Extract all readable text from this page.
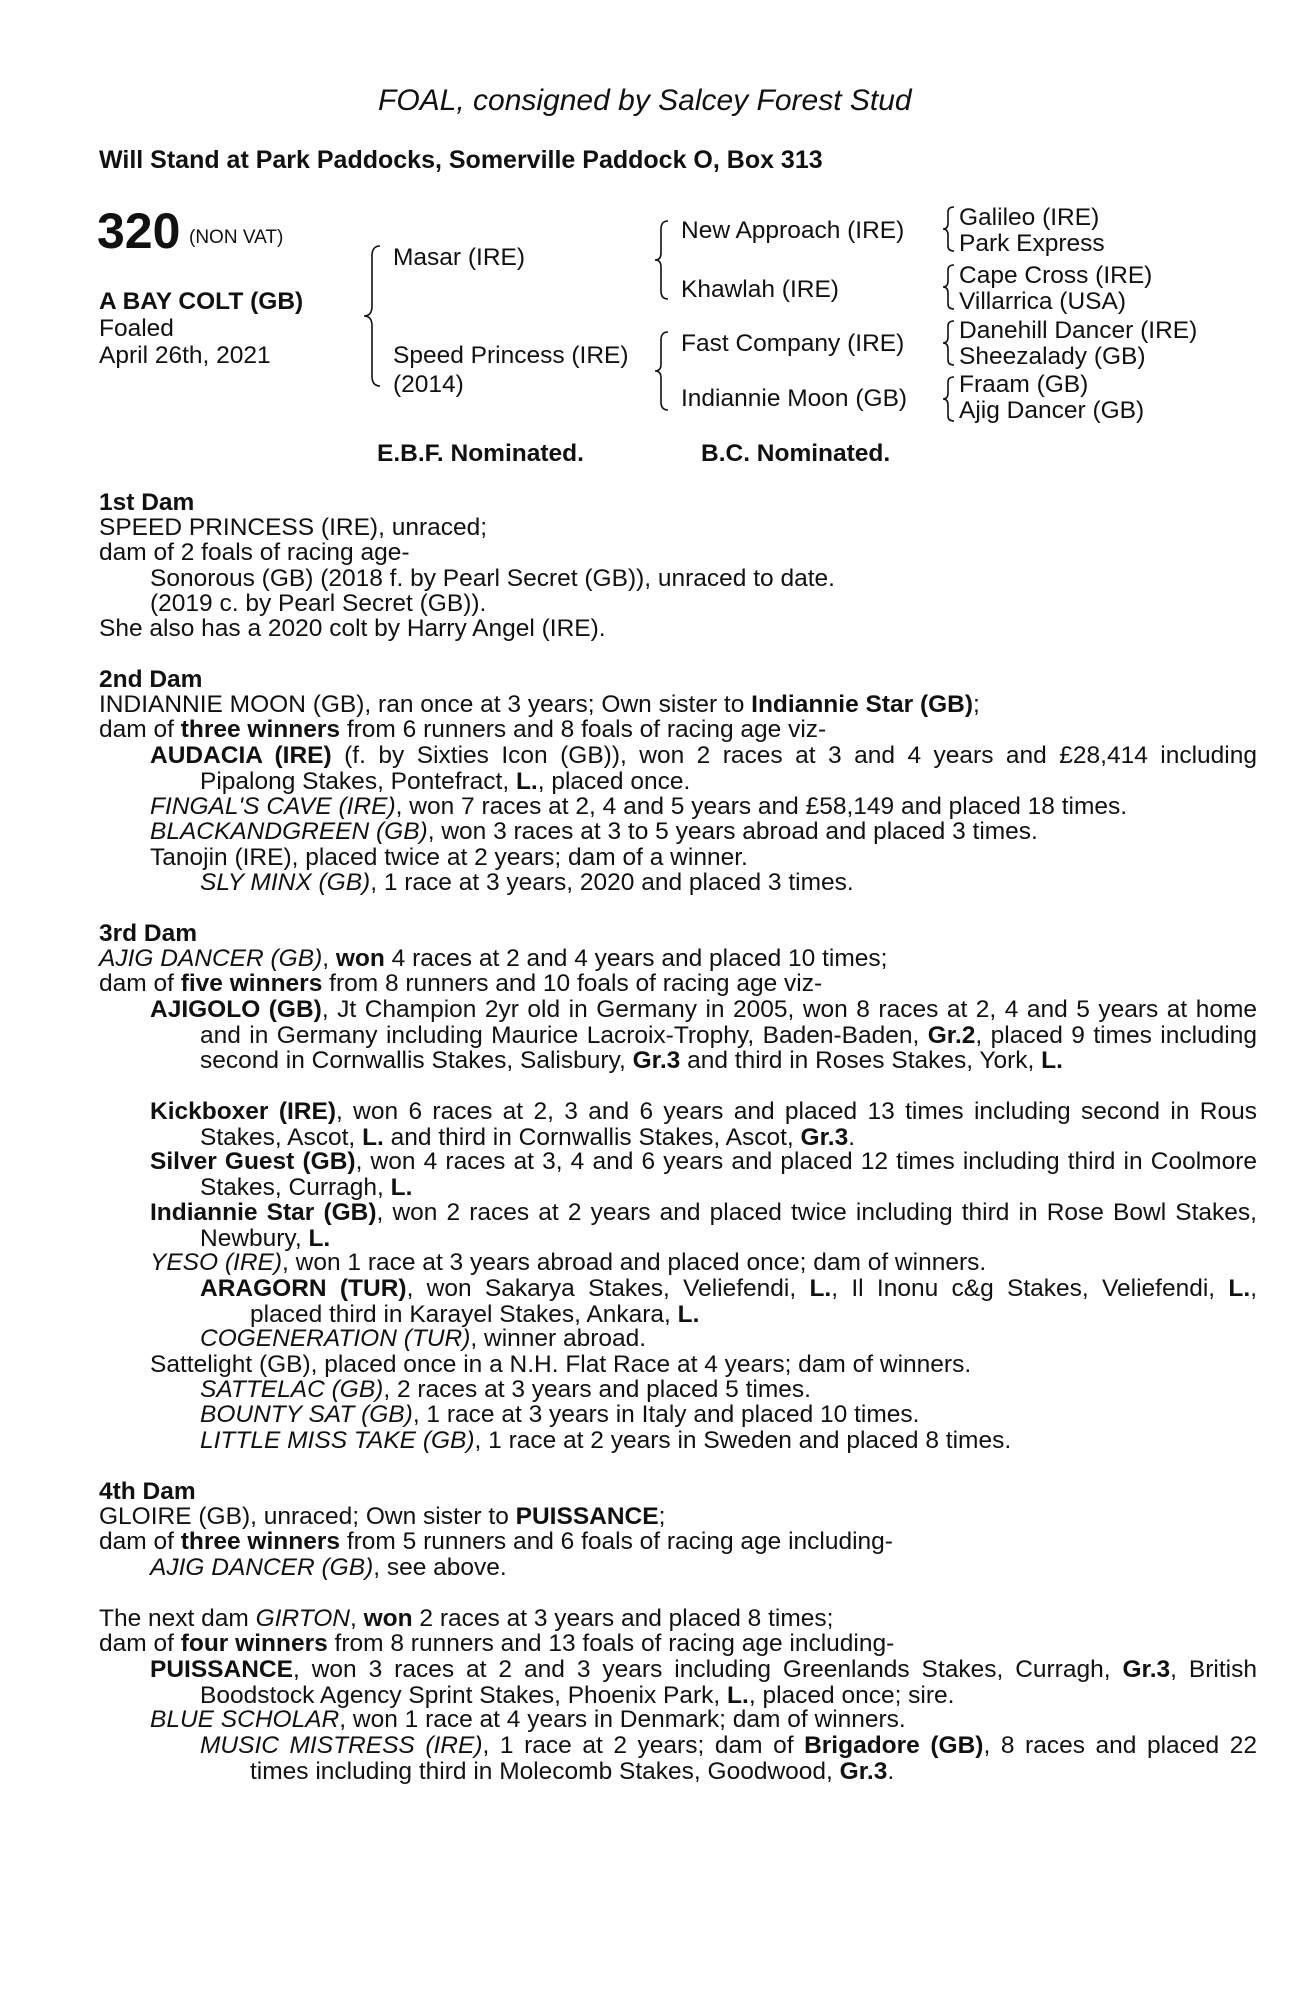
FOAL, consigned by Salcey Forest Stud
Will Stand at Park Paddocks, Somerville Paddock O, Box 313
320 (NON VAT)
A BAY COLT (GB)
Foaled
April 26th, 2021
Masar (IRE)
Speed Princess (IRE)
(2014)
New Approach (IRE)
Khawlah (IRE)
Fast Company (IRE)
Indiannie Moon (GB)
Galileo (IRE)
Park Express
Cape Cross (IRE)
Villarrica (USA)
Danehill Dancer (IRE)
Sheezalady (GB)
Fraam (GB)
Ajig Dancer (GB)
E.B.F. Nominated.	B.C. Nominated.
1st Dam
SPEED PRINCESS (IRE), unraced;
dam of 2 foals of racing age-
Sonorous (GB) (2018 f. by Pearl Secret (GB)), unraced to date.
(2019 c. by Pearl Secret (GB)).
She also has a 2020 colt by Harry Angel (IRE).
2nd Dam
INDIANNIE MOON (GB), ran once at 3 years; Own sister to Indiannie Star (GB);
dam of three winners from 6 runners and 8 foals of racing age viz-
AUDACIA (IRE) (f. by Sixties Icon (GB)), won 2 races at 3 and 4 years and £28,414 including Pipalong Stakes, Pontefract, L., placed once.
FINGAL'S CAVE (IRE), won 7 races at 2, 4 and 5 years and £58,149 and placed 18 times.
BLACKANDGREEN (GB), won 3 races at 3 to 5 years abroad and placed 3 times.
Tanojin (IRE), placed twice at 2 years; dam of a winner.
SLY MINX (GB), 1 race at 3 years, 2020 and placed 3 times.
3rd Dam
AJIG DANCER (GB), won 4 races at 2 and 4 years and placed 10 times;
dam of five winners from 8 runners and 10 foals of racing age viz-
AJIGOLO (GB), Jt Champion 2yr old in Germany in 2005, won 8 races at 2, 4 and 5 years at home and in Germany including Maurice Lacroix-Trophy, Baden-Baden, Gr.2, placed 9 times including second in Cornwallis Stakes, Salisbury, Gr.3 and third in Roses Stakes, York, L.
Kickboxer (IRE), won 6 races at 2, 3 and 6 years and placed 13 times including second in Rous Stakes, Ascot, L. and third in Cornwallis Stakes, Ascot, Gr.3.
Silver Guest (GB), won 4 races at 3, 4 and 6 years and placed 12 times including third in Coolmore Stakes, Curragh, L.
Indiannie Star (GB), won 2 races at 2 years and placed twice including third in Rose Bowl Stakes, Newbury, L.
YESO (IRE), won 1 race at 3 years abroad and placed once; dam of winners.
ARAGORN (TUR), won Sakarya Stakes, Veliefendi, L., Il Inonu c&g Stakes, Veliefendi, L., placed third in Karayel Stakes, Ankara, L.
COGENERATION (TUR), winner abroad.
Sattelight (GB), placed once in a N.H. Flat Race at 4 years; dam of winners.
SATTELAC (GB), 2 races at 3 years and placed 5 times.
BOUNTY SAT (GB), 1 race at 3 years in Italy and placed 10 times.
LITTLE MISS TAKE (GB), 1 race at 2 years in Sweden and placed 8 times.
4th Dam
GLOIRE (GB), unraced; Own sister to PUISSANCE;
dam of three winners from 5 runners and 6 foals of racing age including-
AJIG DANCER (GB), see above.
The next dam GIRTON, won 2 races at 3 years and placed 8 times;
dam of four winners from 8 runners and 13 foals of racing age including-
PUISSANCE, won 3 races at 2 and 3 years including Greenlands Stakes, Curragh, Gr.3, British Boodstock Agency Sprint Stakes, Phoenix Park, L., placed once; sire.
BLUE SCHOLAR, won 1 race at 4 years in Denmark; dam of winners.
MUSIC MISTRESS (IRE), 1 race at 2 years; dam of Brigadore (GB), 8 races and placed 22 times including third in Molecomb Stakes, Goodwood, Gr.3.
